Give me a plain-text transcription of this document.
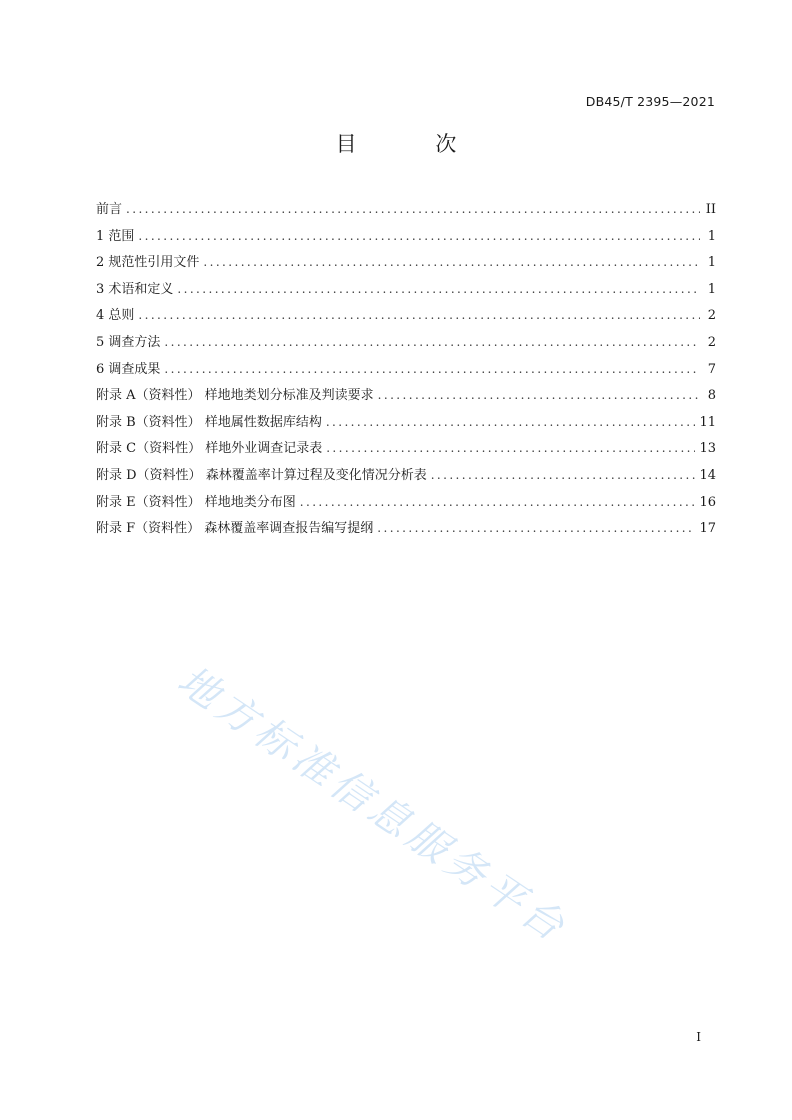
DB45/T 2395—2021
目 次
前言 .....	II
1 范围 .....	1
2 规范性引用文件 .....	1
3 术语和定义 .....	1
4 总则 .....	2
5 调查方法 .....	2
6 调查成果 .....	7
附录 A（资料性） 样地地类划分标准及判读要求 .....	8
附录 B（资料性） 样地属性数据库结构 .....	11
附录 C（资料性） 样地外业调查记录表 .....	13
附录 D（资料性） 森林覆盖率计算过程及变化情况分析表 .....	14
附录 E（资料性） 样地地类分布图 .....	16
附录 F（资料性） 森林覆盖率调查报告编写提纲 .....	17
地方标准信息服务平台
I
